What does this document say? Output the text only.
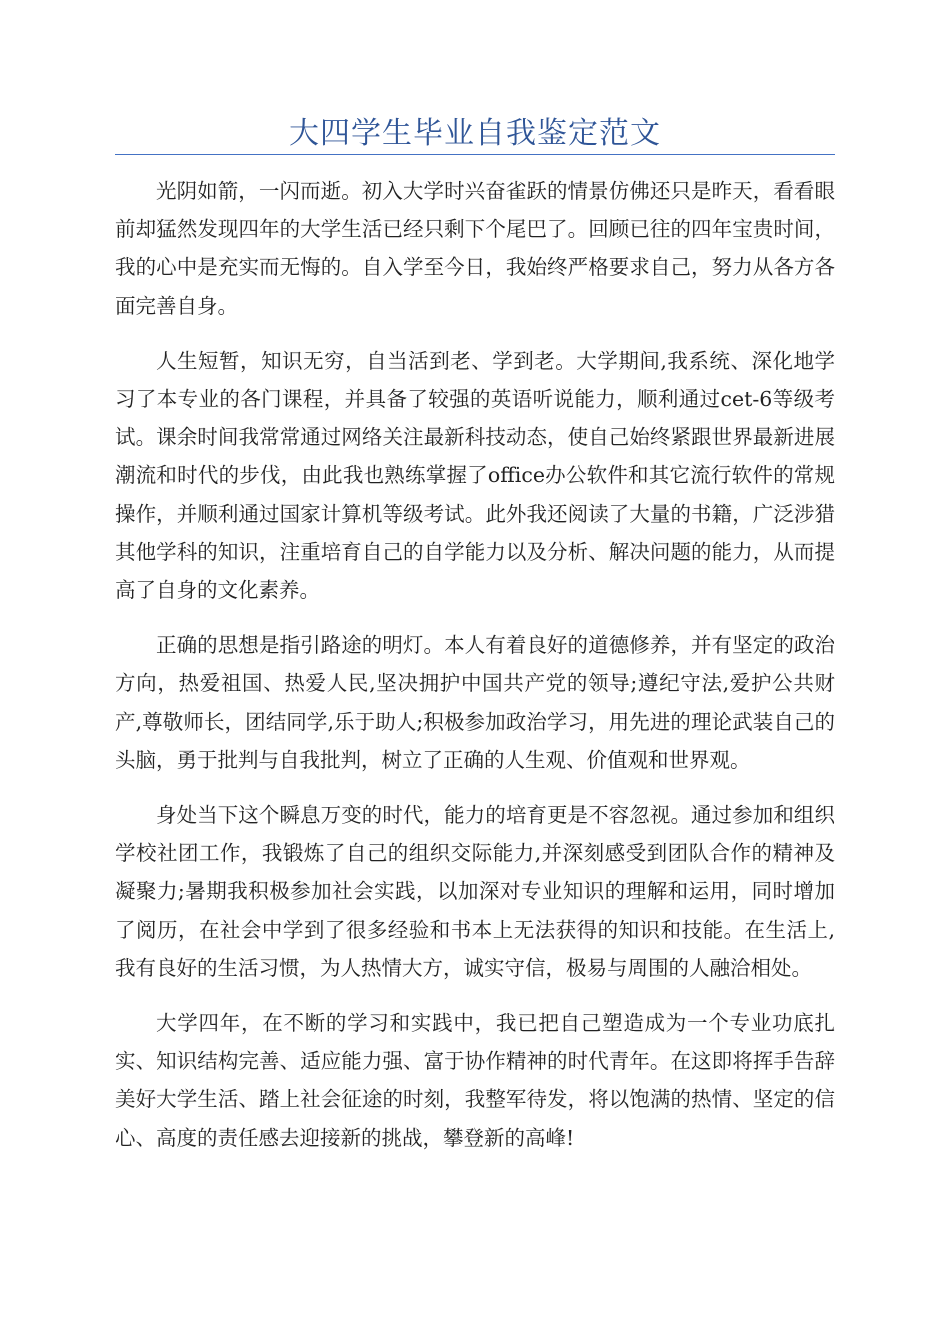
大四学生毕业自我鉴定范文

光阴如箭，一闪而逝。初入大学时兴奋雀跃的情景仿佛还只是昨天，看看眼前却猛然发现四年的大学生活已经只剩下个尾巴了。回顾已往的四年宝贵时间，我的心中是充实而无悔的。自入学至今日，我始终严格要求自己，努力从各方各面完善自身。

人生短暂，知识无穷，自当活到老、学到老。大学期间,我系统、深化地学习了本专业的各门课程，并具备了较强的英语听说能力，顺利通过cet-6等级考试。课余时间我常常通过网络关注最新科技动态，使自己始终紧跟世界最新进展潮流和时代的步伐，由此我也熟练掌握了office办公软件和其它流行软件的常规操作，并顺利通过国家计算机等级考试。此外我还阅读了大量的书籍，广泛涉猎其他学科的知识，注重培育自己的自学能力以及分析、解决问题的能力，从而提高了自身的文化素养。

正确的思想是指引路途的明灯。本人有着良好的道德修养，并有坚定的政治方向，热爱祖国、热爱人民,坚决拥护中国共产党的领导;遵纪守法,爱护公共财产,尊敬师长，团结同学,乐于助人;积极参加政治学习，用先进的理论武装自己的头脑，勇于批判与自我批判，树立了正确的人生观、价值观和世界观。

身处当下这个瞬息万变的时代，能力的培育更是不容忽视。通过参加和组织学校社团工作，我锻炼了自己的组织交际能力,并深刻感受到团队合作的精神及凝聚力;暑期我积极参加社会实践，以加深对专业知识的理解和运用，同时增加了阅历，在社会中学到了很多经验和书本上无法获得的知识和技能。在生活上,我有良好的生活习惯，为人热情大方，诚实守信，极易与周围的人融洽相处。

大学四年，在不断的学习和实践中，我已把自己塑造成为一个专业功底扎实、知识结构完善、适应能力强、富于协作精神的时代青年。在这即将挥手告辞美好大学生活、踏上社会征途的时刻，我整军待发，将以饱满的热情、坚定的信心、高度的责任感去迎接新的挑战，攀登新的高峰!
